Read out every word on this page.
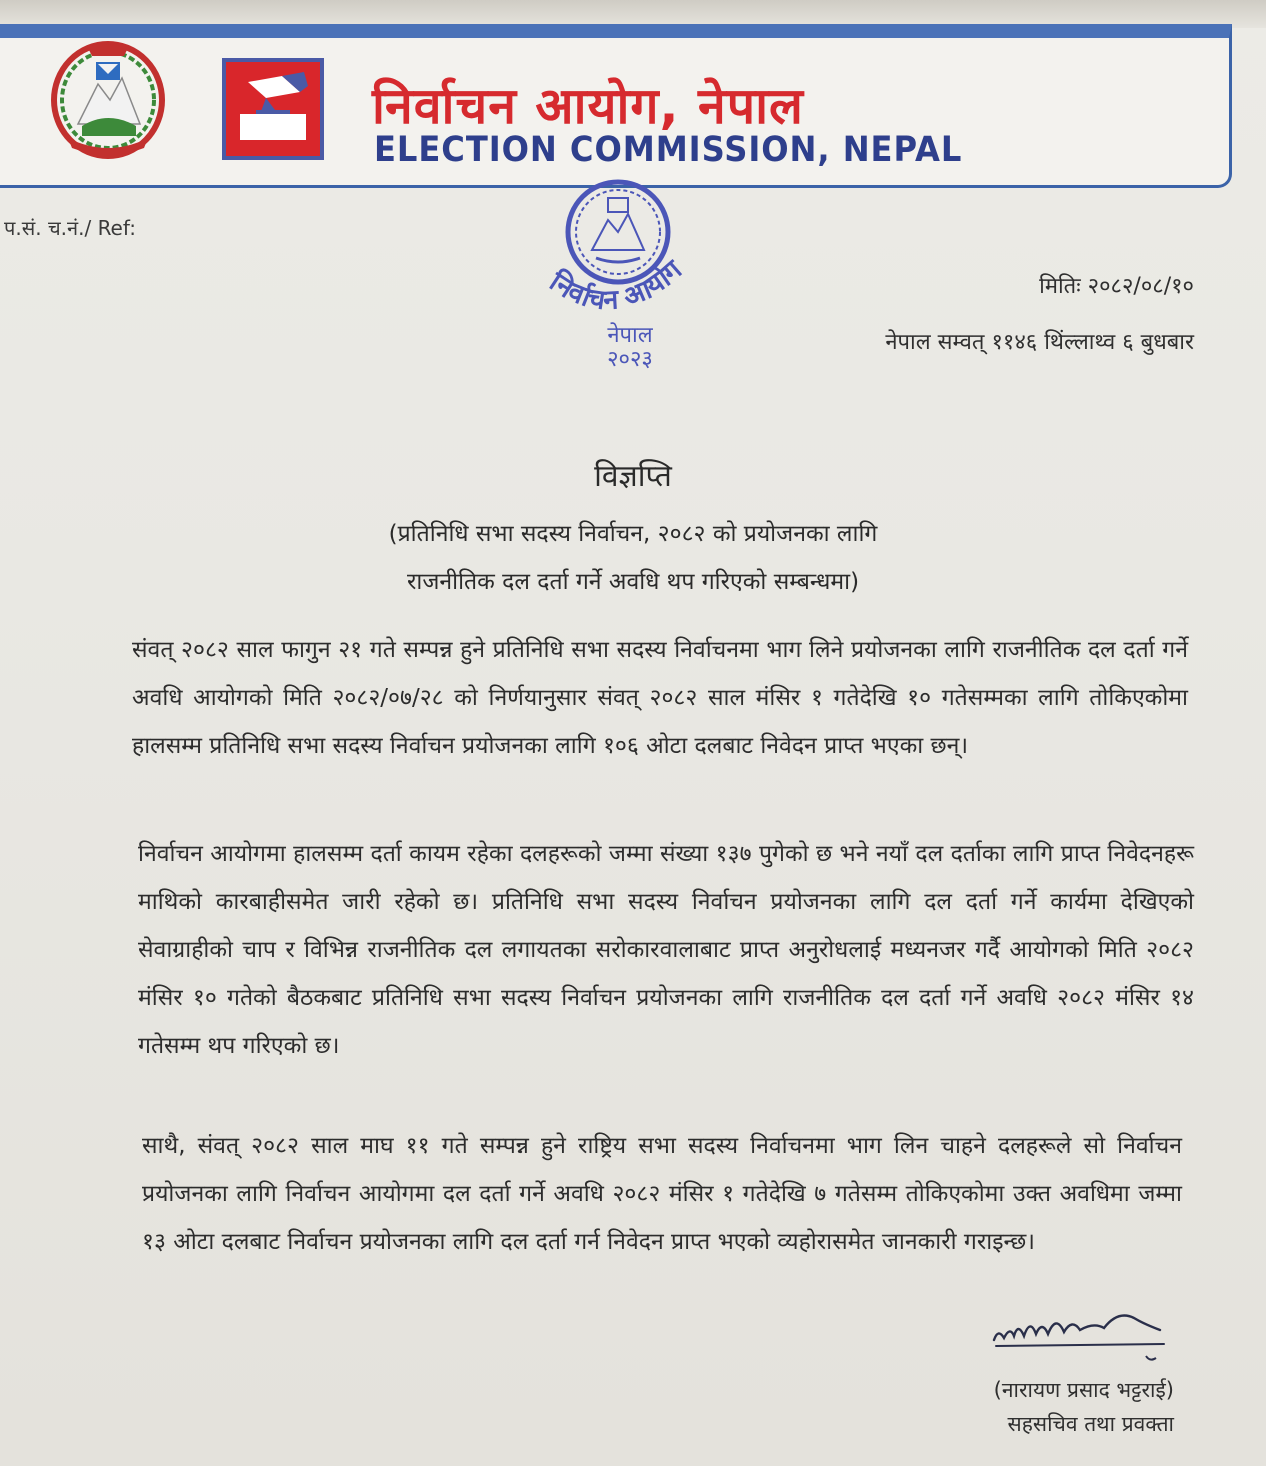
निर्वाचन आयोग, नेपाल
ELECTION COMMISSION, NEPAL
प.सं. च.नं./ Ref:
निर्वाचन आयोग
नेपाल
२०२३
मितिः २०८२/०८/१०
नेपाल सम्वत् ११४६ थिंल्लाथ्व ६ बुधबार
विज्ञप्ति
(प्रतिनिधि सभा सदस्य निर्वाचन, २०८२ को प्रयोजनका लागि
राजनीतिक दल दर्ता गर्ने अवधि थप गरिएको सम्बन्धमा)
संवत् २०८२ साल फागुन २१ गते सम्पन्न हुने प्रतिनिधि सभा सदस्य निर्वाचनमा भाग लिने प्रयोजनका लागि राजनीतिक दल दर्ता गर्ने अवधि आयोगको मिति २०८२/०७/२८ को निर्णयानुसार संवत् २०८२ साल मंसिर १ गतेदेखि १० गतेसम्मका लागि तोकिएकोमा हालसम्म प्रतिनिधि सभा सदस्य निर्वाचन प्रयोजनका लागि १०६ ओटा दलबाट निवेदन प्राप्त भएका छन्।
निर्वाचन आयोगमा हालसम्म दर्ता कायम रहेका दलहरूको जम्मा संख्या १३७ पुगेको छ भने नयाँ दल दर्ताका लागि प्राप्त निवेदनहरू माथिको कारबाहीसमेत जारी रहेको छ। प्रतिनिधि सभा सदस्य निर्वाचन प्रयोजनका लागि दल दर्ता गर्ने कार्यमा देखिएको सेवाग्राहीको चाप र विभिन्न राजनीतिक दल लगायतका सरोकारवालाबाट प्राप्त अनुरोधलाई मध्यनजर गर्दै आयोगको मिति २०८२ मंसिर १० गतेको बैठकबाट प्रतिनिधि सभा सदस्य निर्वाचन प्रयोजनका लागि राजनीतिक दल दर्ता गर्ने अवधि २०८२ मंसिर १४ गतेसम्म थप गरिएको छ।
साथै, संवत् २०८२ साल माघ ११ गते सम्पन्न हुने राष्ट्रिय सभा सदस्य निर्वाचनमा भाग लिन चाहने दलहरूले सो निर्वाचन प्रयोजनका लागि निर्वाचन आयोगमा दल दर्ता गर्ने अवधि २०८२ मंसिर १ गतेदेखि ७ गतेसम्म तोकिएकोमा उक्त अवधिमा जम्मा १३ ओटा दलबाट निर्वाचन प्रयोजनका लागि दल दर्ता गर्न निवेदन प्राप्त भएको व्यहोरासमेत जानकारी गराइन्छ।
(नारायण प्रसाद भट्टराई)
सहसचिव तथा प्रवक्ता
